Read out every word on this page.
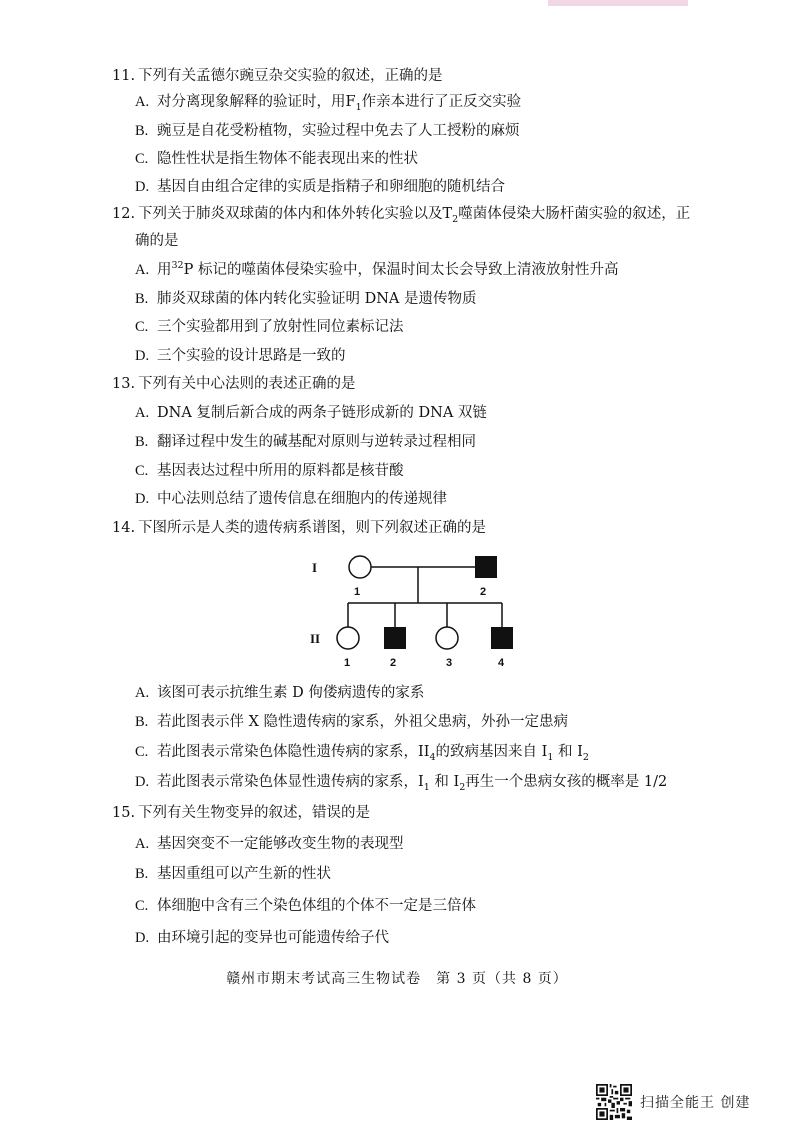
11. 下列有关孟德尔豌豆杂交实验的叙述，正确的是
A. 对分离现象解释的验证时，用$F_1$作亲本进行了正反交实验
B. 豌豆是自花受粉植物，实验过程中免去了人工授粉的麻烦
C. 隐性性状是指生物体不能表现出来的性状
D. 基因自由组合定律的实质是指精子和卵细胞的随机结合
12. 下列关于肺炎双球菌的体内和体外转化实验以及$T_2$噬菌体侵染大肠杆菌实验的叙述，正
确的是
A. 用$^{32}$P 标记的噬菌体侵染实验中，保温时间太长会导致上清液放射性升高
B. 肺炎双球菌的体内转化实验证明 DNA 是遗传物质
C. 三个实验都用到了放射性同位素标记法
D. 三个实验的设计思路是一致的
13. 下列有关中心法则的表述正确的是
A. DNA 复制后新合成的两条子链形成新的 DNA 双链
B. 翻译过程中发生的碱基配对原则与逆转录过程相同
C. 基因表达过程中所用的原料都是核苷酸
D. 中心法则总结了遗传信息在细胞内的传递规律
14. 下图所示是人类的遗传病系谱图，则下列叙述正确的是
I
II
1	2
1	2	3	4
A. 该图可表示抗维生素 D 佝偻病遗传的家系
B. 若此图表示伴 X 隐性遗传病的家系，外祖父患病，外孙一定患病
C. 若此图表示常染色体隐性遗传病的家系，$II_4$的致病基因来自 $I_1$ 和 $I_2$
D. 若此图表示常染色体显性遗传病的家系，$I_1$ 和 $I_2$再生一个患病女孩的概率是 1/2
15. 下列有关生物变异的叙述，错误的是
A. 基因突变不一定能够改变生物的表现型
B. 基因重组可以产生新的性状
C. 体细胞中含有三个染色体组的个体不一定是三倍体
D. 由环境引起的变异也可能遗传给子代
赣州市期末考试高三生物试卷　第 3 页（共 8 页）
扫描全能王 创建
